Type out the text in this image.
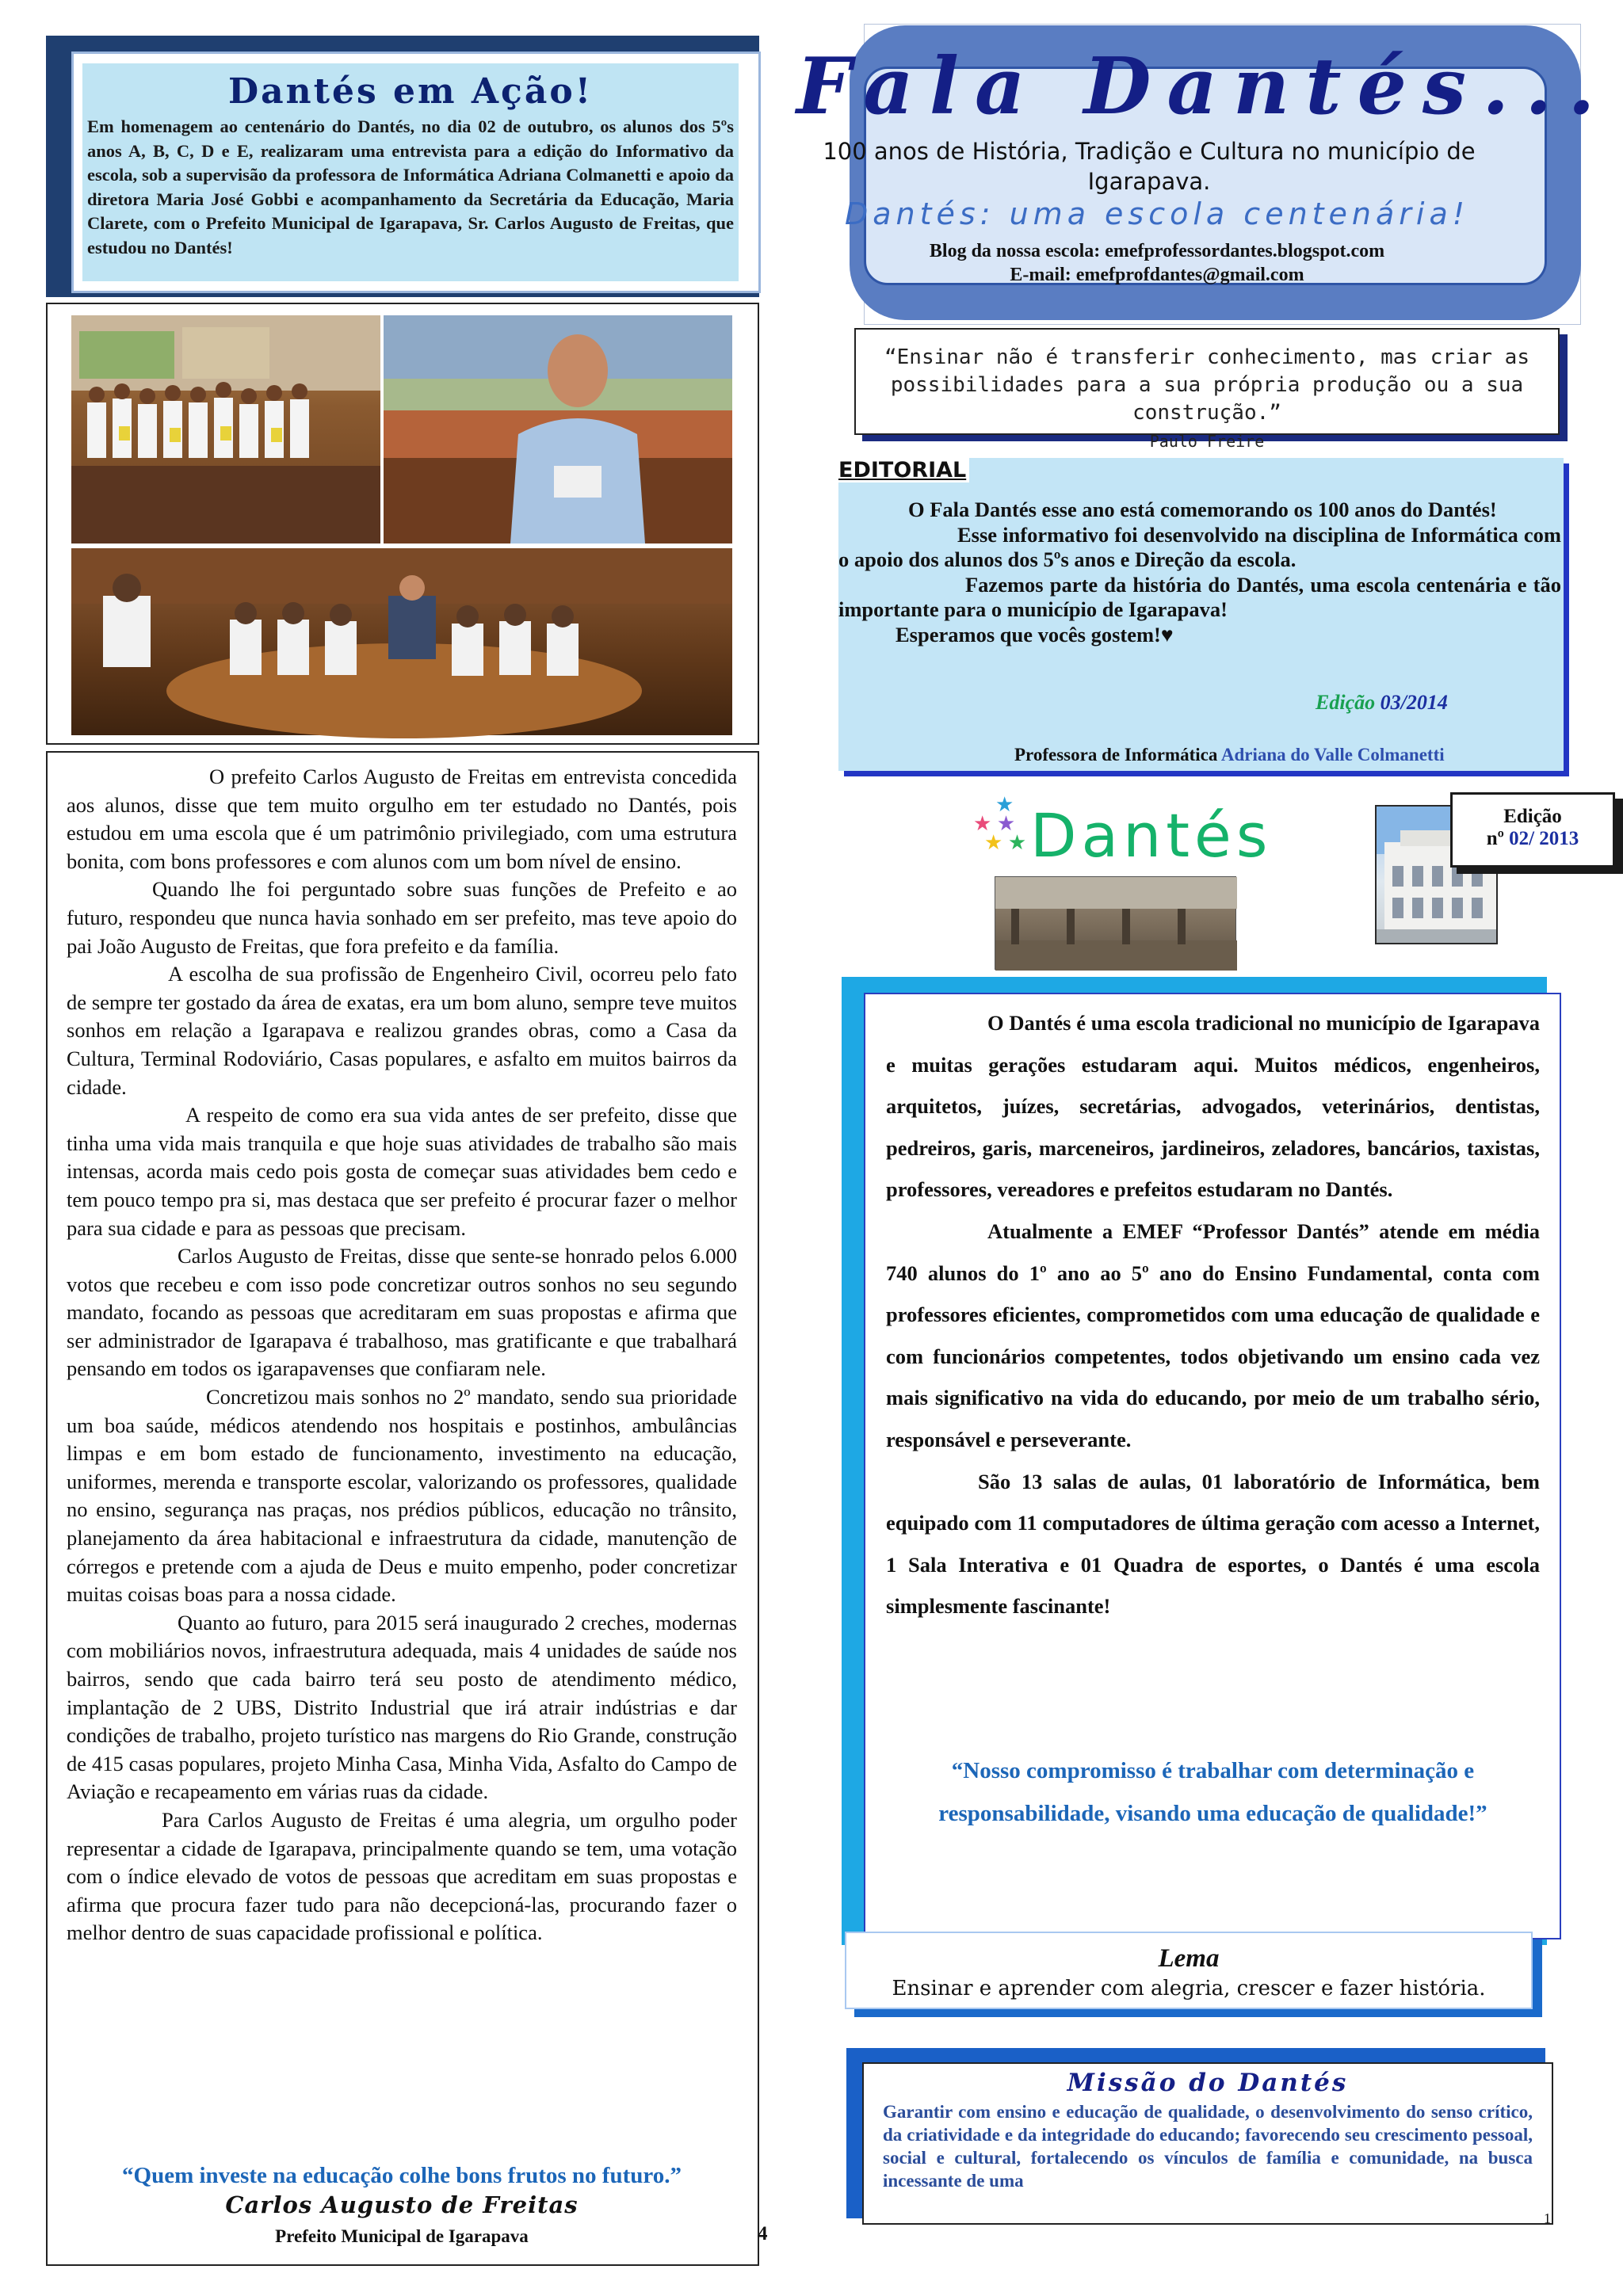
Dantés em Ação!
Em homenagem ao centenário do Dantés, no dia 02 de outubro, os alunos dos 5ºs anos A, B, C, D e E, realizaram uma entrevista para a edição do Informativo da escola, sob a supervisão da professora de Informática Adriana Colmanetti e apoio da diretora Maria José Gobbi e acompanhamento da Secretária da Educação, Maria Clarete, com o Prefeito Municipal de Igarapava, Sr. Carlos Augusto de Freitas, que estudou no Dantés!
Fala Dantés...
100 anos de História, Tradição e Cultura no município de Igarapava.
Dantés: uma escola centenária!
Blog da nossa escola: emefprofessordantes.blogspot.com
E-mail: emefprofdantes@gmail.com
“Ensinar não é transferir conhecimento, mas criar as possibilidades para a sua própria produção ou a sua construção.”
Paulo Freire
EDITORIAL
O Fala Dantés esse ano está comemorando os 100 anos do Dantés!
Esse informativo foi desenvolvido na disciplina de Informática com o apoio dos alunos dos 5ºs anos e Direção da escola.
Fazemos parte da história do Dantés, uma escola centenária e tão importante para o município de Igarapava!
Esperamos que vocês gostem!♥
Edição 03/2014
Professora de Informática Adriana do Valle Colmanetti
★
★ ★
★ ★ Dantés	Edição
nº 02/ 2013
O Dantés é uma escola tradicional no município de Igarapava e muitas gerações estudaram aqui. Muitos médicos, engenheiros, arquitetos, juízes, secretárias, advogados, veterinários, dentistas, pedreiros, garis, marceneiros, jardineiros, zeladores, bancários, taxistas, professores, vereadores e prefeitos estudaram no Dantés.
Atualmente a EMEF “Professor Dantés” atende em média 740 alunos do 1º ano ao 5º ano do Ensino Fundamental, conta com professores eficientes, comprometidos com uma educação de qualidade e com funcionários competentes, todos objetivando um ensino cada vez mais significativo na vida do educando, por meio de um trabalho sério, responsável e perseverante.
São 13 salas de aulas, 01 laboratório de Informática, bem equipado com 11 computadores de última geração com acesso a Internet, 1 Sala Interativa e 01 Quadra de esportes, o Dantés é uma escola simplesmente fascinante!
“Nosso compromisso é trabalhar com determinação e responsabilidade, visando uma educação de qualidade!”
Lema
Ensinar e aprender com alegria, crescer e fazer história.
Missão do Dantés
Garantir com ensino e educação de qualidade, o desenvolvimento do senso crítico, da criatividade e da integridade do educando; favorecendo seu crescimento pessoal, social e cultural, fortalecendo os vínculos de família e comunidade, na busca incessante de uma
O prefeito Carlos Augusto de Freitas em entrevista concedida aos alunos, disse que tem muito orgulho em ter estudado no Dantés, pois estudou em uma escola que é um patrimônio privilegiado, com uma estrutura bonita, com bons professores e com alunos com um bom nível de ensino.
Quando lhe foi perguntado sobre suas funções de Prefeito e ao futuro, respondeu que nunca havia sonhado em ser prefeito, mas teve apoio do pai João Augusto de Freitas, que fora prefeito e da família.
A escolha de sua profissão de Engenheiro Civil, ocorreu pelo fato de sempre ter gostado da área de exatas, era um bom aluno, sempre teve muitos sonhos em relação a Igarapava e realizou grandes obras, como a Casa da Cultura, Terminal Rodoviário, Casas populares, e asfalto em muitos bairros da cidade.
A respeito de como era sua vida antes de ser prefeito, disse que tinha uma vida mais tranquila e que hoje suas atividades de trabalho são mais intensas, acorda mais cedo pois gosta de começar suas atividades bem cedo e tem pouco tempo pra si, mas destaca que ser prefeito é procurar fazer o melhor para sua cidade e para as pessoas que precisam.
Carlos Augusto de Freitas, disse que sente-se honrado pelos 6.000 votos que recebeu e com isso pode concretizar outros sonhos no seu segundo mandato, focando as pessoas que acreditaram em suas propostas e afirma que ser administrador de Igarapava é trabalhoso, mas gratificante e que trabalhará pensando em todos os igarapavenses que confiaram nele.
Concretizou mais sonhos no 2º mandato, sendo sua prioridade um boa saúde, médicos atendendo nos hospitais e postinhos, ambulâncias limpas e em bom estado de funcionamento, investimento na educação, uniformes, merenda e transporte escolar, valorizando os professores, qualidade no ensino, segurança nas praças, nos prédios públicos, educação no trânsito, planejamento da área habitacional e infraestrutura da cidade, manutenção de córregos e pretende com a ajuda de Deus e muito empenho, poder concretizar muitas coisas boas para a nossa cidade.
Quanto ao futuro, para 2015 será inaugurado 2 creches, modernas com mobiliários novos, infraestrutura adequada, mais 4 unidades de saúde nos bairros, sendo que cada bairro terá seu posto de atendimento médico, implantação de 2 UBS, Distrito Industrial que irá atrair indústrias e dar condições de trabalho, projeto turístico nas margens do Rio Grande, construção de 415 casas populares, projeto Minha Casa, Minha Vida, Asfalto do Campo de Aviação e recapeamento em várias ruas da cidade.
Para Carlos Augusto de Freitas é uma alegria, um orgulho poder representar a cidade de Igarapava, principalmente quando se tem, uma votação com o índice elevado de votos de pessoas que acreditam em suas propostas e afirma que procura fazer tudo para não decepcioná-las, procurando fazer o melhor dentro de suas capacidade profissional e política.
“Quem investe na educação colhe bons frutos no futuro.”
Carlos Augusto de Freitas
Prefeito Municipal de Igarapava	4
1
